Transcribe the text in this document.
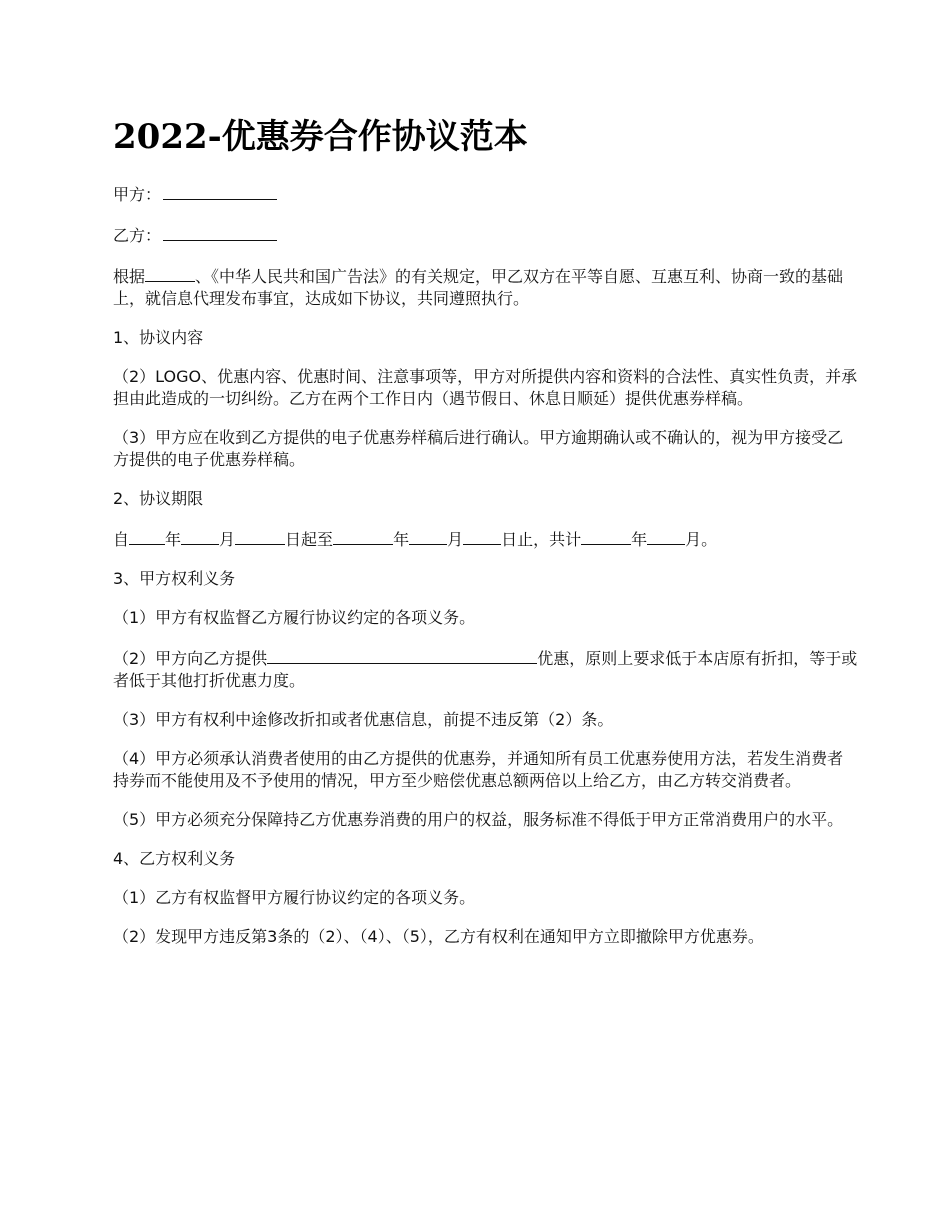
2022-优惠券合作协议范本

甲方：

乙方：

根据	、《中华人民共和国广告法》的有关规定，甲乙双方在平等自愿、互惠互利、协商一致的基础上，就信息代理发布事宜，达成如下协议，共同遵照执行。

1、协议内容

（2）LOGO、优惠内容、优惠时间、注意事项等，甲方对所提供内容和资料的合法性、真实性负责，并承担由此造成的一切纠纷。乙方在两个工作日内（遇节假日、休息日顺延）提供优惠券样稿。

（3）甲方应在收到乙方提供的电子优惠券样稿后进行确认。甲方逾期确认或不确认的，视为甲方接受乙方提供的电子优惠券样稿。

2、协议期限

自 年 月	日起至	年 月 日止，共计	年 月。

3、甲方权利义务

（1）甲方有权监督乙方履行协议约定的各项义务。

（2）甲方向乙方提供	优惠，原则上要求低于本店原有折扣，等于或者低于其他打折优惠力度。

（3）甲方有权利中途修改折扣或者优惠信息，前提不违反第（2）条。

（4）甲方必须承认消费者使用的由乙方提供的优惠券，并通知所有员工优惠券使用方法，若发生消费者持券而不能使用及不予使用的情况，甲方至少赔偿优惠总额两倍以上给乙方，由乙方转交消费者。

（5）甲方必须充分保障持乙方优惠券消费的用户的权益，服务标准不得低于甲方正常消费用户的水平。

4、乙方权利义务

（1）乙方有权监督甲方履行协议约定的各项义务。

（2）发现甲方违反第3条的（2）、（4）、（5），乙方有权利在通知甲方立即撤除甲方优惠券。
